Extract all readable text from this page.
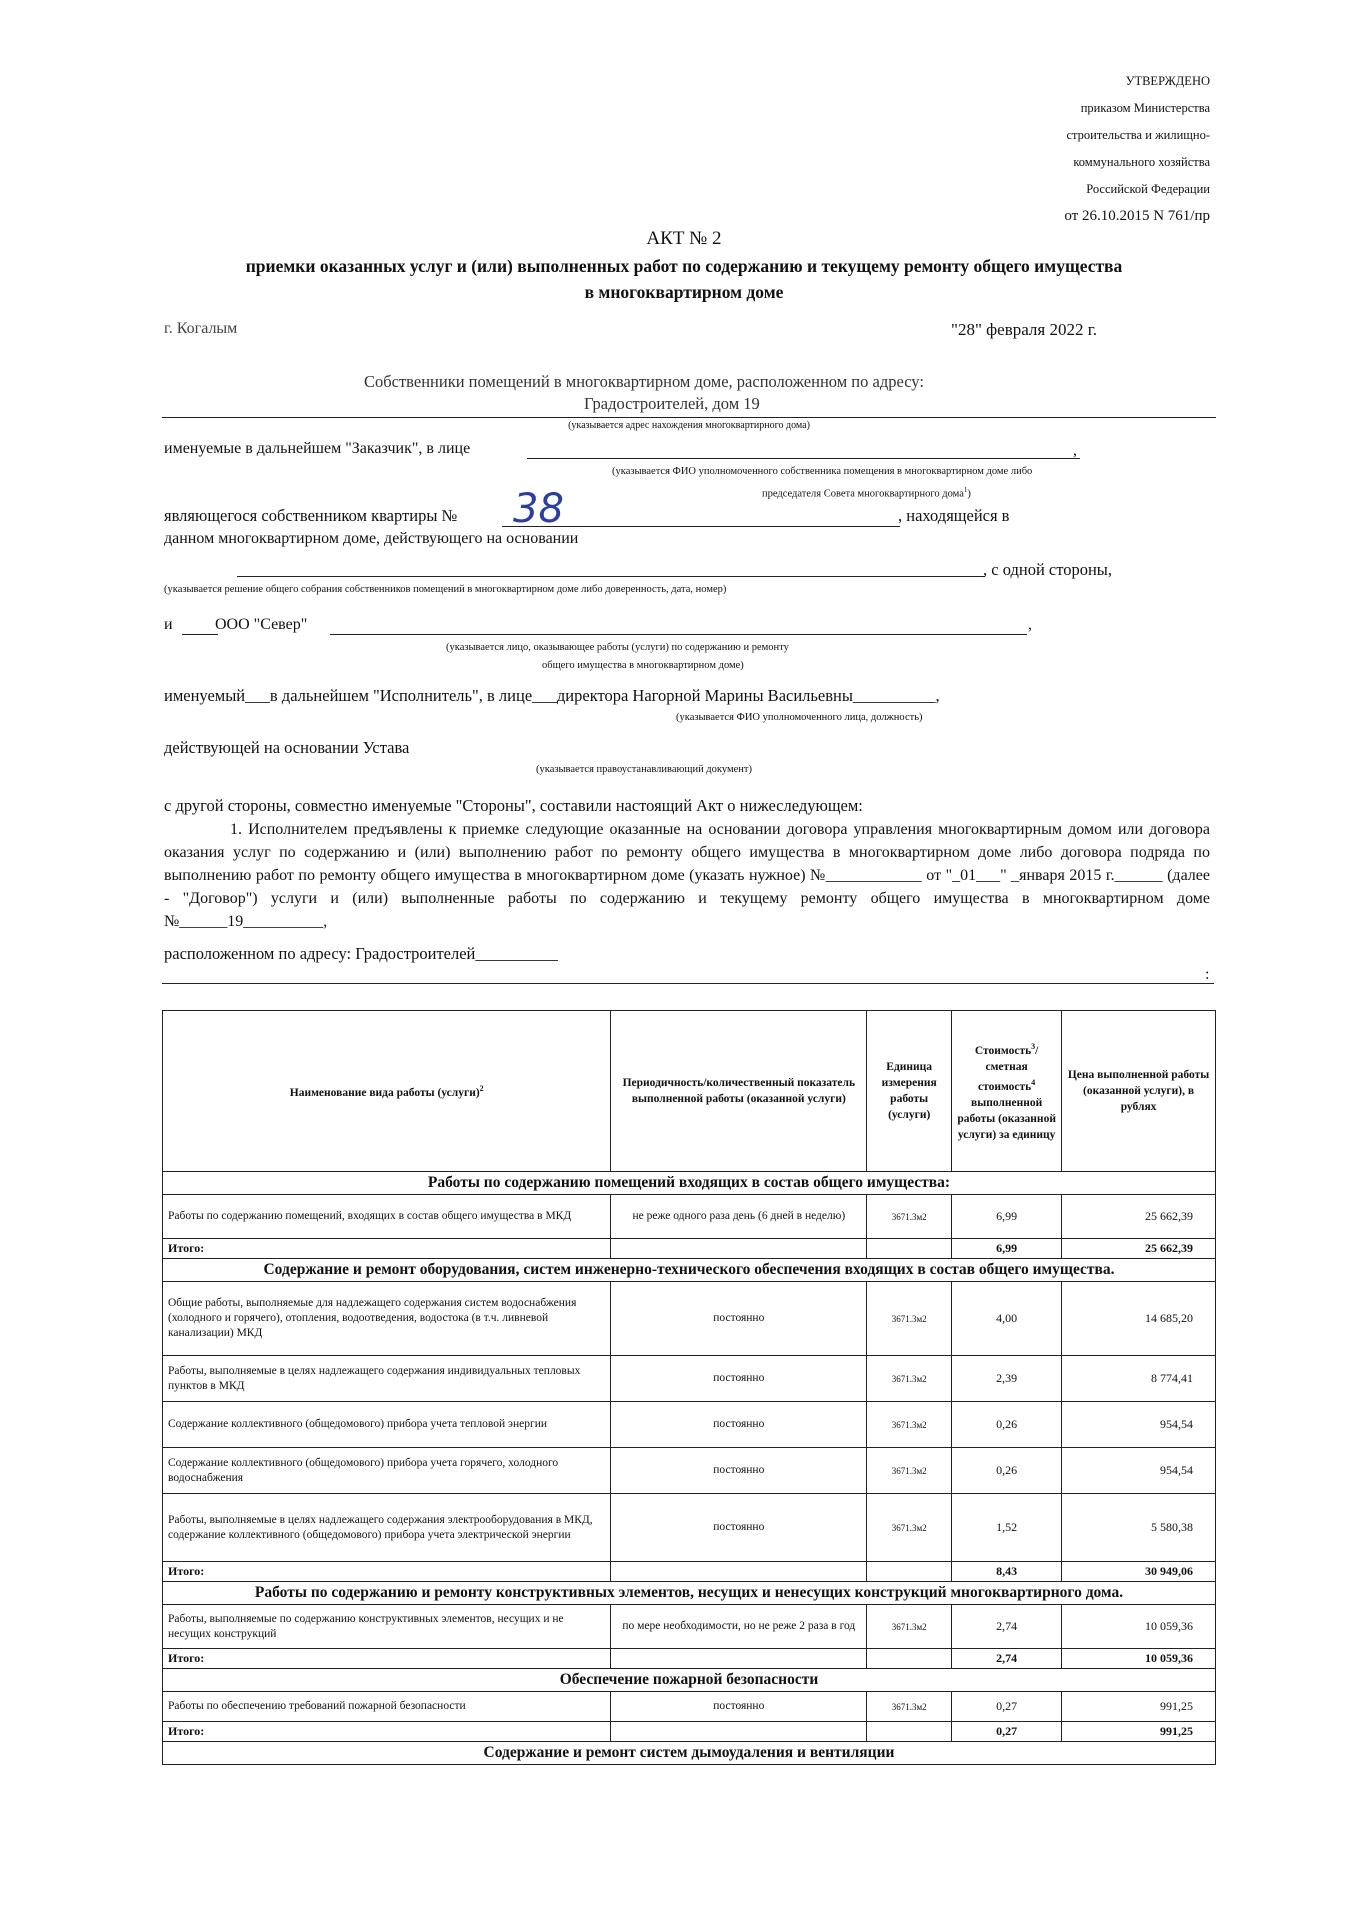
УТВЕРЖДЕНО
приказом Министерства
строительства и жилищно-
коммунального хозяйства
Российской Федерации
от 26.10.2015 N 761/пр
АКТ № 2
приемки оказанных услуг и (или) выполненных работ по содержанию и текущему ремонту общего имущества
в многоквартирном доме
г. Когалым	"28" февраля 2022 г.
Собственники помещений в многоквартирном доме, расположенном по адресу:
Градостроителей, дом 19
(указывается адрес нахождения многоквартирного дома)
именуемые в дальнейшем "Заказчик", в лице	,
(указывается ФИО уполномоченного собственника помещения в многоквартирном доме либо
председателя Совета многоквартирного дома$^1$)
являющегося собственником квартиры № 38	, находящейся в
данном многоквартирном доме, действующего на основании
, с одной стороны,
(указывается решение общего собрания собственников помещений в многоквартирном доме либо доверенность, дата, номер)
и	ООО "Север"	,
(указывается лицо, оказывающее работы (услуги) по содержанию и ремонту
общего имущества в многоквартирном доме)
именуемый___в дальнейшем "Исполнитель", в лице___директора Нагорной Марины Васильевны__________,
(указывается ФИО уполномоченного лица, должность)
действующей на основании Устава
(указывается правоустанавливающий документ)
с другой стороны, совместно именуемые "Стороны", составили настоящий Акт о нижеследующем:
1. Исполнителем предъявлены к приемке следующие оказанные на основании договора управления многоквартирным домом или договора оказания услуг по содержанию и (или) выполнению работ по ремонту общего имущества в многоквартирном доме либо договора подряда по выполнению работ по ремонту общего имущества в многоквартирном доме (указать нужное) №____________ от "_01___" _января 2015 г.______ (далее - "Договор") услуги и (или) выполненные работы по содержанию и текущему ремонту общего имущества в многоквартирном доме №______19__________,
расположенном по адресу: Градостроителей__________
:
Наименование вида работы (услуги)$^2$	Периодичность/количественный показатель выполненной работы (оказанной услуги)	Единица измерения работы (услуги)	Стоимость$^3$/сметная стоимость$^4$ выполненной работы (оказанной услуги) за единицу	Цена выполненной работы (оказанной услуги), в рублях
Работы по содержанию помещений входящих в состав общего имущества:				
Работы по содержанию помещений, входящих в состав общего имущества в МКД	не реже одного раза день (6 дней в неделю)	3671.3м2	6,99	25 662,39
Итого:			6,99	25 662,39
Содержание и ремонт оборудования, систем инженерно-технического обеспечения входящих в состав общего имущества.				
Общие работы, выполняемые для надлежащего содержания систем водоснабжения (холодного и горячего), отопления, водоотведения, водостока (в т.ч. ливневой канализации) МКД	постоянно	3671.3м2	4,00	14 685,20
Работы, выполняемые в целях надлежащего содержания индивидуальных тепловых пунктов в МКД	постоянно	3671.3м2	2,39	8 774,41
Содержание коллективного (общедомового) прибора учета тепловой энергии	постоянно	3671.3м2	0,26	954,54
Содержание коллективного (общедомового) прибора учета горячего, холодного водоснабжения	постоянно	3671.3м2	0,26	954,54
Работы, выполняемые в целях надлежащего содержания электрооборудования в МКД, содержание коллективного (общедомового) прибора учета электрической энергии	постоянно	3671.3м2	1,52	5 580,38
Итого:			8,43	30 949,06
Работы по содержанию и ремонту конструктивных элементов, несущих и ненесущих конструкций многоквартирного дома.				
Работы, выполняемые по содержанию конструктивных элементов, несущих и не несущих конструкций	по мере необходимости, но не реже 2 раза в год	3671.3м2	2,74	10 059,36
Итого:			2,74	10 059,36
Обеспечение пожарной безопасности				
Работы по обеспечению требований пожарной безопасности	постоянно	3671.3м2	0,27	991,25
Итого:			0,27	991,25
Содержание и ремонт систем дымоудаления и вентиляции				
